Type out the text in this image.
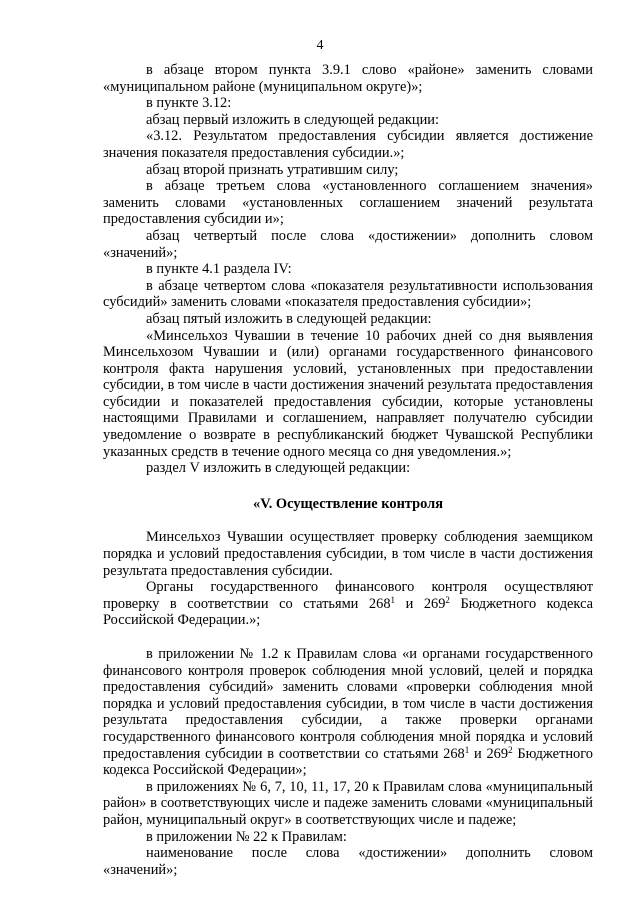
4

в абзаце втором пункта 3.9.1 слово «районе» заменить словами «муниципальном районе (муниципальном округе)»;

в пункте 3.12:

абзац первый изложить в следующей редакции:

«3.12. Результатом предоставления субсидии является достижение значения показателя предоставления субсидии.»;

абзац второй признать утратившим силу;

в абзаце третьем слова «установленного соглашением значения» заменить словами «установленных соглашением значений результата предоставления субсидии и»;

абзац четвертый после слова «достижении» дополнить словом «значений»;

в пункте 4.1 раздела IV:

в абзаце четвертом слова «показателя результативности использования субсидий» заменить словами «показателя предоставления субсидии»;

абзац пятый изложить в следующей редакции:

«Минсельхоз Чувашии в течение 10 рабочих дней со дня выявления Минсельхозом Чувашии и (или) органами государственного финансового контроля факта нарушения условий, установленных при предоставлении субсидии, в том числе в части достижения значений результата предоставления субсидии и показателей предоставления субсидии, которые установлены настоящими Правилами и соглашением, направляет получателю субсидии уведомление о возврате в республиканский бюджет Чувашской Республики указанных средств в течение одного месяца со дня уведомления.»;

раздел V изложить в следующей редакции:

«V. Осуществление контроля

Минсельхоз Чувашии осуществляет проверку соблюдения заемщиком порядка и условий предоставления субсидии, в том числе в части достижения результата предоставления субсидии.

Органы государственного финансового контроля осуществляют проверку в соответствии со статьями $268^1$ и $269^2$ Бюджетного кодекса Российской Федерации.»;

в приложении № 1.2 к Правилам слова «и органами государственного финансового контроля проверок соблюдения мной условий, целей и порядка предоставления субсидий» заменить словами «проверки соблюдения мной порядка и условий предоставления субсидии, в том числе в части достижения результата предоставления субсидии, а также проверки органами государственного финансового контроля соблюдения мной порядка и условий предоставления субсидии в соответствии со статьями $268^1$ и $269^2$ Бюджетного кодекса Российской Федерации»;

в приложениях № 6, 7, 10, 11, 17, 20 к Правилам слова «муниципальный район» в соответствующих числе и падеже заменить словами «муниципальный район, муниципальный округ» в соответствующих числе и падеже;

в приложении № 22 к Правилам:

наименование после слова «достижении» дополнить словом «значений»;
